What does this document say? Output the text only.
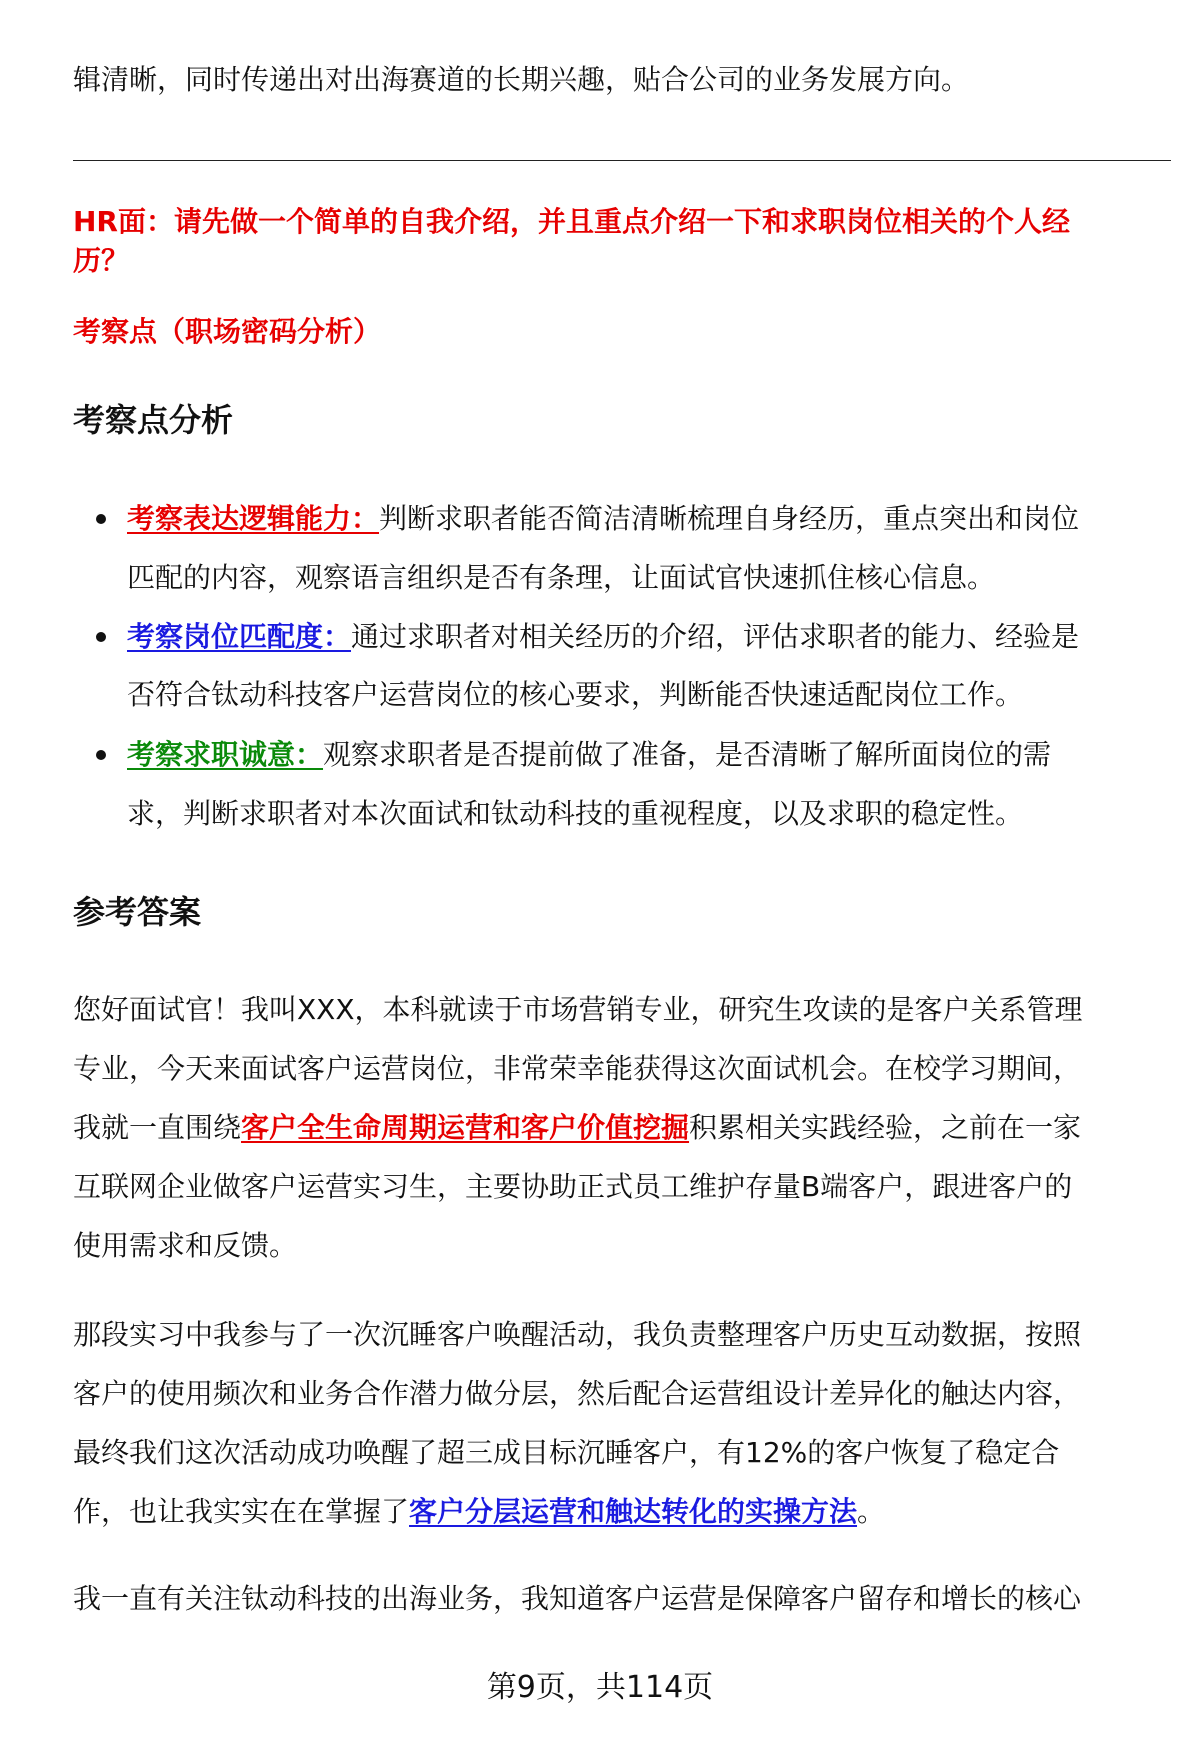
辑清晰，同时传递出对出海赛道的长期兴趣，贴合公司的业务发展方向。
HR面：请先做一个简单的自我介绍，并且重点介绍一下和求职岗位相关的个人经
历？
考察点（职场密码分析）
考察点分析
考察表达逻辑能力：判断求职者能否简洁清晰梳理自身经历，重点突出和岗位
匹配的内容，观察语言组织是否有条理，让面试官快速抓住核心信息。
考察岗位匹配度：通过求职者对相关经历的介绍，评估求职者的能力、经验是
否符合钛动科技客户运营岗位的核心要求，判断能否快速适配岗位工作。
考察求职诚意：观察求职者是否提前做了准备，是否清晰了解所面岗位的需
求，判断求职者对本次面试和钛动科技的重视程度，以及求职的稳定性。
参考答案
您好面试官！我叫XXX，本科就读于市场营销专业，研究生攻读的是客户关系管理
专业，今天来面试客户运营岗位，非常荣幸能获得这次面试机会。在校学习期间，
我就一直围绕客户全生命周期运营和客户价值挖掘积累相关实践经验，之前在一家
互联网企业做客户运营实习生，主要协助正式员工维护存量B端客户，跟进客户的
使用需求和反馈。
那段实习中我参与了一次沉睡客户唤醒活动，我负责整理客户历史互动数据，按照
客户的使用频次和业务合作潜力做分层，然后配合运营组设计差异化的触达内容，
最终我们这次活动成功唤醒了超三成目标沉睡客户，有12%的客户恢复了稳定合
作，也让我实实在在掌握了客户分层运营和触达转化的实操方法。
我一直有关注钛动科技的出海业务，我知道客户运营是保障客户留存和增长的核心
第9页，共114页
